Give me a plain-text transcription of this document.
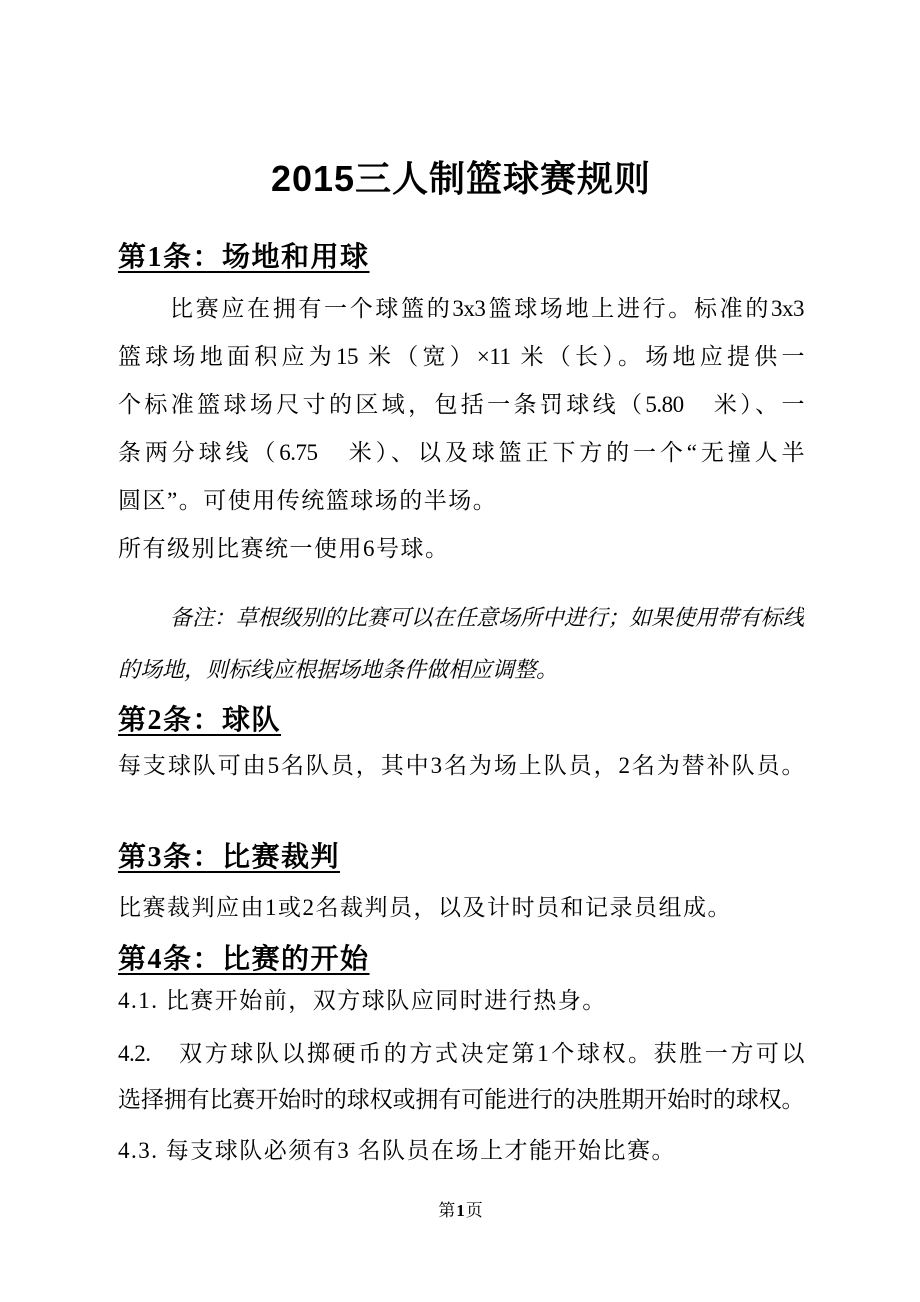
2015三人制篮球赛规则
第1条：场地和用球
比赛应在拥有一个球篮的3x3篮球场地上进行。标准的3x3
篮球场地面积应为15 米（宽）×11 米（长）。场地应提供一
个标准篮球场尺寸的区域，包括一条罚球线（5.80　米）、一
条两分球线（6.75　米）、以及球篮正下方的一个“无撞人半
圆区”。可使用传统篮球场的半场。
所有级别比赛统一使用6号球。
备注：草根级别的比赛可以在任意场所中进行；如果使用带有标线
的场地，则标线应根据场地条件做相应调整。
第2条：球队
每支球队可由5名队员，其中3名为场上队员，2名为替补队员。
第3条：比赛裁判
比赛裁判应由1或2名裁判员，以及计时员和记录员组成。
第4条：比赛的开始
4.1. 比赛开始前，双方球队应同时进行热身。
4.2.　双方球队以掷硬币的方式决定第1个球权。获胜一方可以
选择拥有比赛开始时的球权或拥有可能进行的决胜期开始时的球权。
4.3. 每支球队必须有3 名队员在场上才能开始比赛。
第1页
